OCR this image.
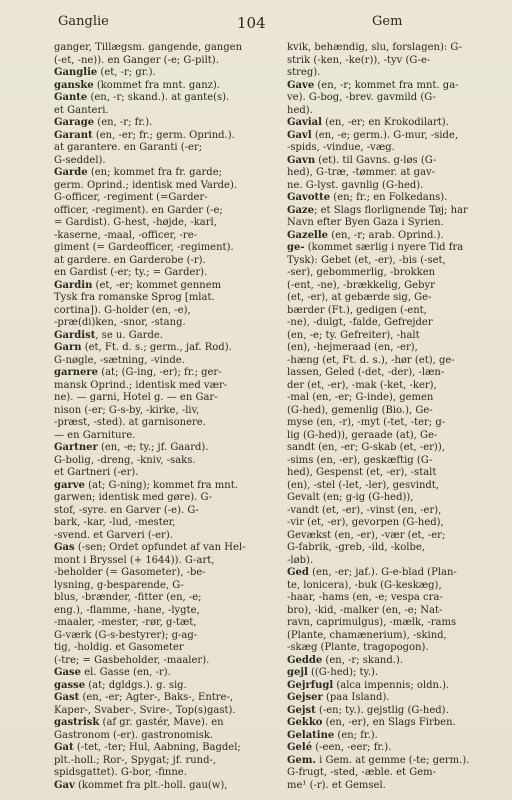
Ganglie	104	Gem
ganger, Tillægsm. gangende, gangen
(-et, -ne)). en Ganger (-e; G-pilt).
Ganglie (et, -r; gr.).
ganske (kommet fra mnt. ganz).
Gante (en, -r; skand.). at gante(s).
et Ganteri.
Garage (en, -r; fr.).
Garant (en, -er; fr.; germ. Oprind.).
at garantere. en Garanti (-er;
G-seddel).
Garde (en; kommet fra fr. garde;
germ. Oprind.; identisk med Varde).
G-officer, -regiment (=Garder-
officer, -regiment). en Garder (-e;
= Gardist). G-hest, -højde, -karl,
-kaserne, -maal, -officer, -re-
giment (= Gardeofficer, -regiment).
at gardere. en Garderobe (-r).
en Gardist (-er; ty.; = Garder).
Gardin (et, -er; kommet gennem
Tysk fra romanske Sprog [mlat.
cortina]). G-holder (en, -e),
-præ(di)ken, -snor, -stang.
Gardist, se u. Garde.
Garn (et, Ft. d. s.; germ., jaf. Rod).
G-nøgle, -sætning, -vinde.
garnere (at; (G-ing, -er); fr.; ger-
mansk Oprind.; identisk med vær-
ne). — garni, Hotel g. — en Gar-
nison (-er; G-s-by, -kirke, -liv,
-præst, -sted). at garnisonere.
— en Garniture.
Gartner (en, -e; ty.; jf. Gaard).
G-bolig, -dreng, -kniv, -saks.
et Gartneri (-er).
garve (at; G-ning); kommet fra mnt.
garwen; identisk med gøre). G-
stof, -syre. en Garver (-e). G-
bark, -kar, -lud, -mester,
-svend. et Garveri (-er).
Gas (-sen; Ordet opfundet af van Hel-
mont i Bryssel (+ 1644)). G-art,
-beholder (= Gasometer), -be-
lysning, g-besparende, G-
blus, -brænder, -fitter (en, -e;
eng.), -flamme, -hane, -lygte,
-maaler, -mester, -rør, g-tæt,
G-værk (G-s-bestyrer); g-ag-
tig, -holdig. et Gasometer
(-tre; = Gasbeholder, -maaler).
Gase el. Gasse (en, -r).
gasse (at; dgldgs.). g. sig.
Gast (en, -er; Agter-, Baks-, Entre-,
Kaper-, Svaber-, Svire-, Top(s)gast).
gastrisk (af gr. gastér, Mave). en
Gastronom (-er). gastronomisk.
Gat (-tet, -ter; Hul, Aabning, Bagdel;
plt.-holl.; Ror-, Spygat; jf. rund-,
spidsgattet). G-bor, -finne.
Gav (kommet fra plt.-holl. gau(w),
kvik, behændig, slu, forslagen): G-
strik (-ken, -ke(r)), -tyv (G-e-
streg).
Gave (en, -r; kommet fra mnt. ga-
ve). G-bog, -brev. gavmild (G-
hed).
Gavial (en, -er; en Krokodilart).
Gavl (en, -e; germ.). G-mur, -side,
-spids, -vindue, -væg.
Gavn (et). til Gavns. g-løs (G-
hed), G-træ, -tømmer. at gav-
ne. G-lyst. gavnlig (G-hed).
Gavotte (en; fr.; en Folkedans).
Gaze; et Slags florlignende Tøj; har
Navn efter Byen Gaza i Syrien.
Gazelle (en, -r; arab. Oprind.).
ge- (kommet særlig i nyere Tid fra
Tysk): Gebet (et, -er), -bis (-set,
-ser), gebommerlig, -brokken
(-ent, -ne), -brækkelig, Gebyr
(et, -er), at gebærde sig, Ge-
bærder (Ft.), gedigen (-ent,
-ne), -dulgt, -falde, Gefrejder
(en, -e; ty. Gefreiter), -halt
(en), -hejmeraad (en, -er),
-hæng (et, Ft. d. s.), -hør (et), ge-
lassen, Geled (-det, -der), -læn-
der (et, -er), -mak (-ket, -ker),
-mal (en, -er; G-inde), gemen
(G-hed), gemenlig (Bio.), Ge-
myse (en, -r), -myt (-tet, -ter; g-
lig (G-hed)), geraade (at), Ge-
sandt (en, -er; G-skab (et, -er)),
-sims (en, -er), geskæftig (G-
hed), Gespenst (et, -er), -stalt
(en), -stel (-let, -ler), gesvindt,
Gevalt (en; g-ig (G-hed)),
-vandt (et, -er), -vinst (en, -er),
-vir (et, -er), gevorpen (G-hed),
Gevækst (en, -er), -vær (et, -er;
G-fabrik, -greb, -ild, -kolbe,
-løb).
Ged (en, -er; jaf.). G-e-blad (Plan-
te, lonicera), -buk (G-keskæg),
-haar, -hams (en, -e; vespa cra-
bro), -kid, -malker (en, -e; Nat-
ravn, caprimulgus), -mælk, -rams
(Plante, chamænerium), -skind,
-skæg (Plante, tragopogon).
Gedde (en, -r; skand.).
gejl ((G-hed); ty.).
Gejrfugl (alca impennis; oldn.).
Gejser (paa Island).
Gejst (-en; ty.). gejstlig (G-hed).
Gekko (en, -er), en Slags Firben.
Gelatine (en; fr.).
Gelé (-een, -eer; fr.).
Gem. i Gem. at gemme (-te; germ.).
G-frugt, -sted, -æble. et Gem-
me¹ (-r). et Gemsel.
